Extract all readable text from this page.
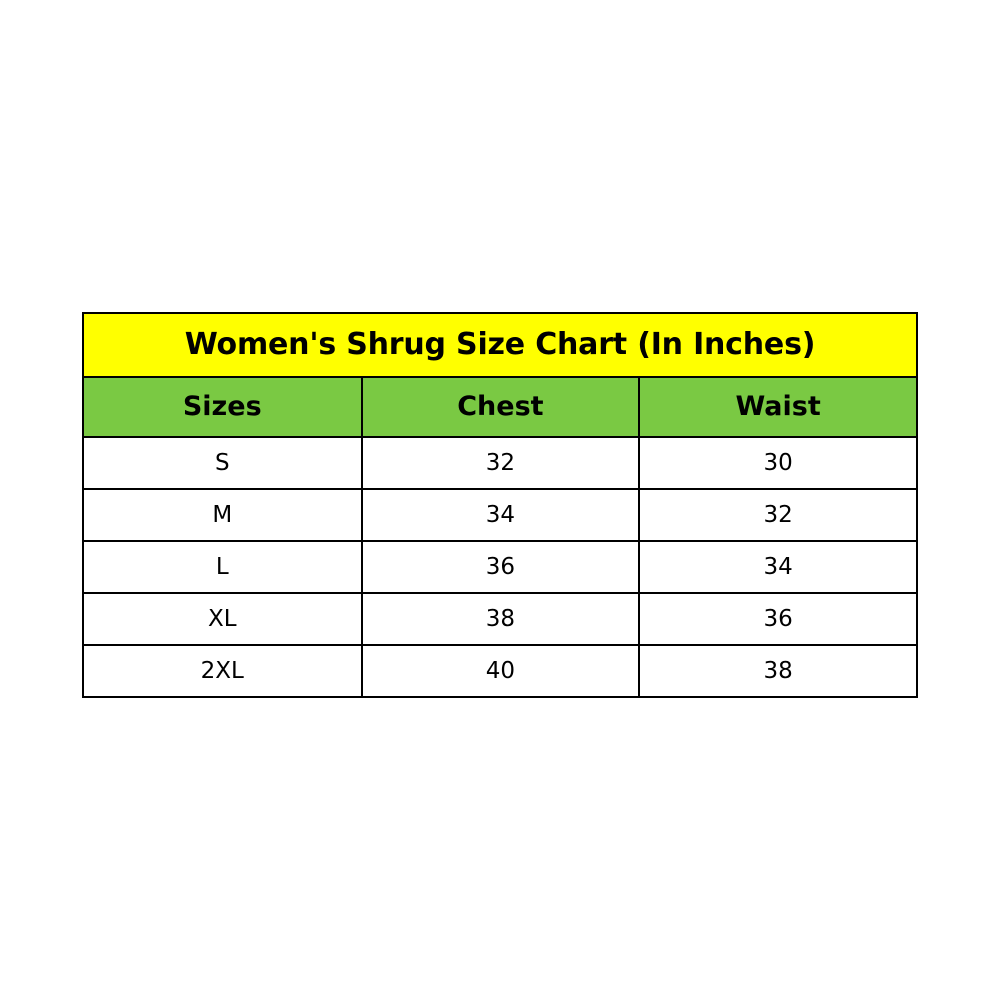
Women's Shrug Size Chart (In Inches)		
Sizes	Chest	Waist
S	32	30
M	34	32
L	36	34
XL	38	36
2XL	40	38
